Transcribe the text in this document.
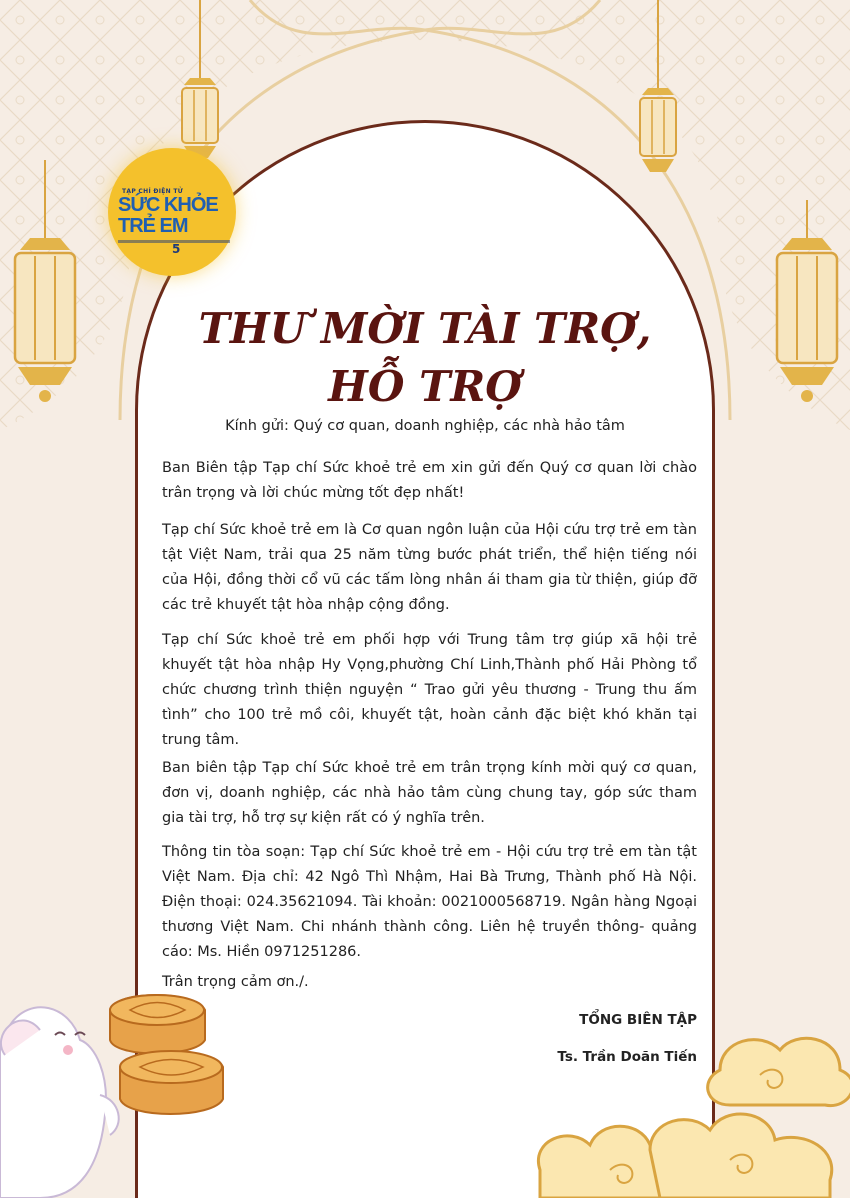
TẠP CHÍ ĐIỆN TỬ
SỨC KHỎE
TRẺ EM
5
THƯ MỜI TÀI TRỢ, HỖ TRỢ
Kính gửi: Quý cơ quan, doanh nghiệp, các nhà hảo tâm

Ban Biên tập Tạp chí Sức khoẻ trẻ em xin gửi đến Quý cơ quan lời chào trân trọng và lời chúc mừng tốt đẹp nhất!

Tạp chí Sức khoẻ trẻ em là Cơ quan ngôn luận của Hội cứu trợ trẻ em tàn tật Việt Nam, trải qua 25 năm từng bước phát triển, thể hiện tiếng nói của Hội, đồng thời cổ vũ các tấm lòng nhân ái tham gia từ thiện, giúp đỡ các trẻ khuyết tật hòa nhập cộng đồng.

Tạp chí Sức khoẻ trẻ em phối hợp với Trung tâm trợ giúp xã hội trẻ khuyết tật hòa nhập Hy Vọng,phường Chí Linh,Thành phố Hải Phòng tổ chức chương trình thiện nguyện “ Trao gửi yêu thương - Trung thu ấm tình” cho 100 trẻ mồ côi, khuyết tật, hoàn cảnh đặc biệt khó khăn tại trung tâm.

Ban biên tập Tạp chí Sức khoẻ trẻ em trân trọng kính mời quý cơ quan, đơn vị, doanh nghiệp, các nhà hảo tâm cùng chung tay, góp sức tham gia tài trợ, hỗ trợ sự kiện rất có ý nghĩa trên.

Thông tin tòa soạn: Tạp chí Sức khoẻ trẻ em - Hội cứu trợ trẻ em tàn tật Việt Nam. Địa chỉ: 42 Ngô Thì Nhậm, Hai Bà Trưng, Thành phố Hà Nội. Điện thoại: 024.35621094. Tài khoản: 0021000568719. Ngân hàng Ngoại thương Việt Nam. Chi nhánh thành công. Liên hệ truyền thông- quảng cáo: Ms. Hiền 0971251286.

Trân trọng cảm ơn./.

TỔNG BIÊN TẬP
Ts. Trần Doãn Tiến
